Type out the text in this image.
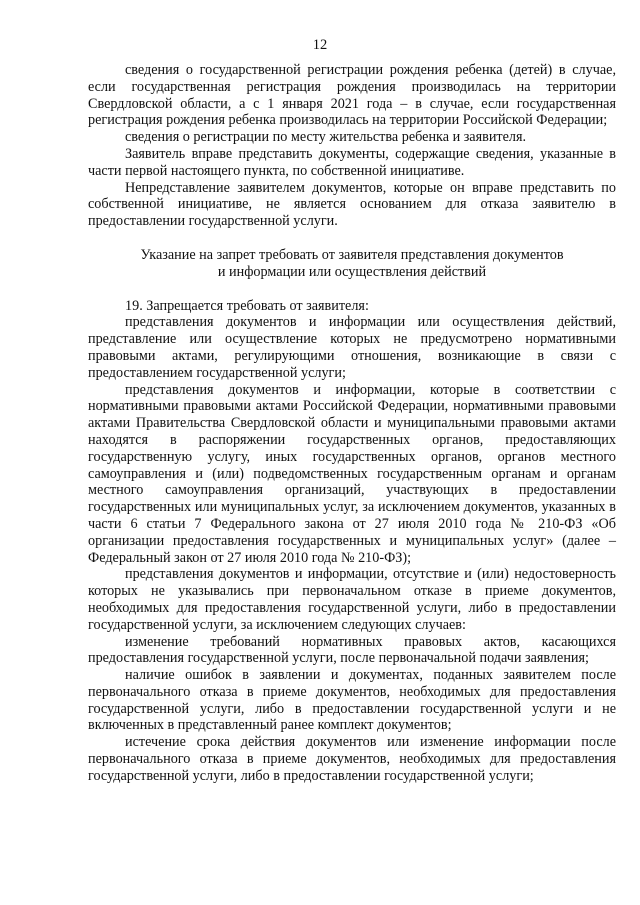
12

сведения о государственной регистрации рождения ребенка (детей) в случае, если государственная регистрация рождения производилась на территории Свердловской области, а с 1 января 2021 года – в случае, если государственная регистрация рождения ребенка производилась на территории Российской Федерации;

сведения о регистрации по месту жительства ребенка и заявителя.

Заявитель вправе представить документы, содержащие сведения, указанные в части первой настоящего пункта, по собственной инициативе.

Непредставление заявителем документов, которые он вправе представить по собственной инициативе, не является основанием для отказа заявителю в предоставлении государственной услуги.

Указание на запрет требовать от заявителя представления документов

и информации или осуществления действий

19. Запрещается требовать от заявителя:

представления документов и информации или осуществления действий, представление или осуществление которых не предусмотрено нормативными правовыми актами, регулирующими отношения, возникающие в связи с предоставлением государственной услуги;

представления документов и информации, которые в соответствии с нормативными правовыми актами Российской Федерации, нормативными правовыми актами Правительства Свердловской области и муниципальными правовыми актами находятся в распоряжении государственных органов, предоставляющих государственную услугу, иных государственных органов, органов местного самоуправления и (или) подведомственных государственным органам и органам местного самоуправления организаций, участвующих в предоставлении государственных или муниципальных услуг, за исключением документов, указанных в части 6 статьи 7 Федерального закона от 27 июля 2010 года № 210-ФЗ «Об организации предоставления государственных и муниципальных услуг» (далее – Федеральный закон от 27 июля 2010 года № 210-ФЗ);

представления документов и информации, отсутствие и (или) недостоверность которых не указывались при первоначальном отказе в приеме документов, необходимых для предоставления государственной услуги, либо в предоставлении государственной услуги, за исключением следующих случаев:

изменение требований нормативных правовых актов, касающихся предоставления государственной услуги, после первоначальной подачи заявления;

наличие ошибок в заявлении и документах, поданных заявителем после первоначального отказа в приеме документов, необходимых для предоставления государственной услуги, либо в предоставлении государственной услуги и не включенных в представленный ранее комплект документов;

истечение срока действия документов или изменение информации после первоначального отказа в приеме документов, необходимых для предоставления государственной услуги, либо в предоставлении государственной услуги;
